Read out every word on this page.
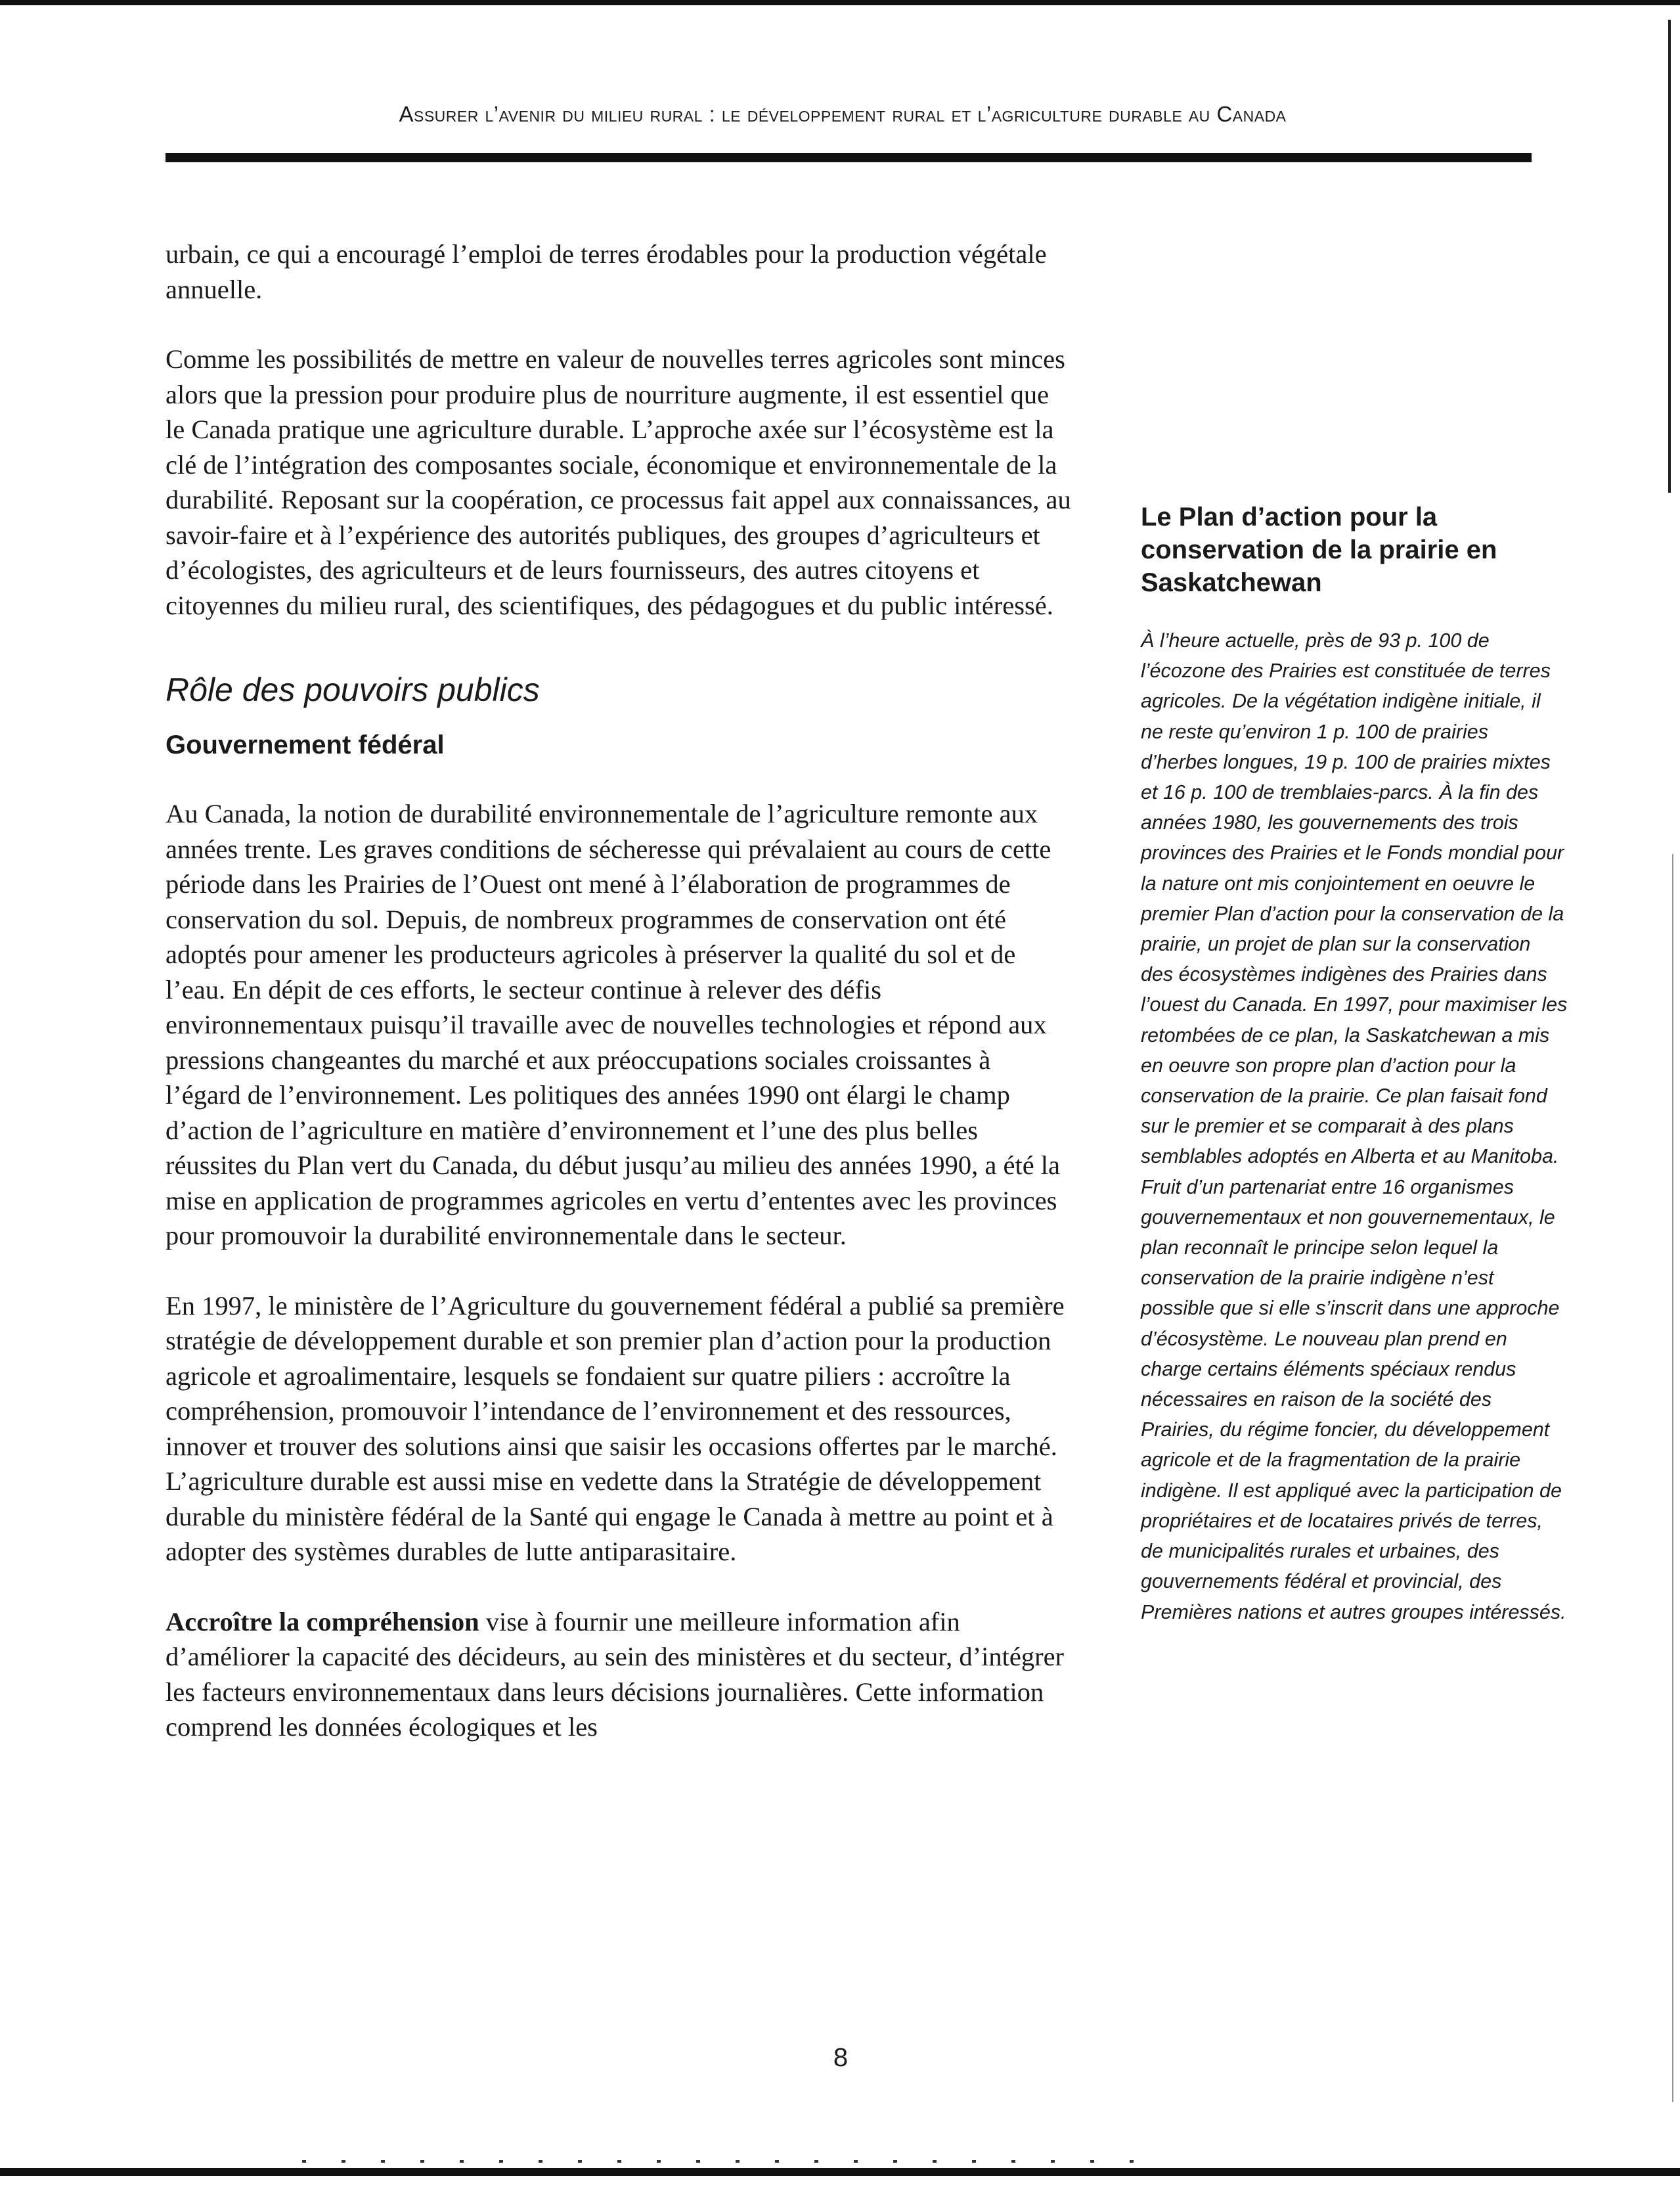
Assurer l’avenir du milieu rural : le développement rural et l’agriculture durable au Canada

urbain, ce qui a encouragé l’emploi de terres érodables pour la production végétale annuelle.

Comme les possibilités de mettre en valeur de nouvelles terres agricoles sont minces alors que la pression pour produire plus de nourriture augmente, il est essentiel que le Canada pratique une agriculture durable. L’approche axée sur l’écosystème est la clé de l’intégration des composantes sociale, économique et environnementale de la durabilité. Reposant sur la coopération, ce processus fait appel aux connaissances, au savoir-faire et à l’expérience des autorités publiques, des groupes d’agriculteurs et d’écologistes, des agriculteurs et de leurs fournisseurs, des autres citoyens et citoyennes du milieu rural, des scientifiques, des pédagogues et du public intéressé.

Rôle des pouvoirs publics
Gouvernement fédéral

Au Canada, la notion de durabilité environnementale de l’agriculture remonte aux années trente. Les graves conditions de sécheresse qui prévalaient au cours de cette période dans les Prairies de l’Ouest ont mené à l’élaboration de programmes de conservation du sol. Depuis, de nombreux programmes de conservation ont été adoptés pour amener les producteurs agricoles à préserver la qualité du sol et de l’eau. En dépit de ces efforts, le secteur continue à relever des défis environnementaux puisqu’il travaille avec de nouvelles technologies et répond aux pressions changeantes du marché et aux préoccupations sociales croissantes à l’égard de l’environnement. Les politiques des années 1990 ont élargi le champ d’action de l’agriculture en matière d’environnement et l’une des plus belles réussites du Plan vert du Canada, du début jusqu’au milieu des années 1990, a été la mise en application de programmes agricoles en vertu d’ententes avec les provinces pour promouvoir la durabilité environnementale dans le secteur.

En 1997, le ministère de l’Agriculture du gouvernement fédéral a publié sa première stratégie de développement durable et son premier plan d’action pour la production agricole et agroalimentaire, lesquels se fondaient sur quatre piliers : accroître la compréhension, promouvoir l’intendance de l’environnement et des ressources, innover et trouver des solutions ainsi que saisir les occasions offertes par le marché. L’agriculture durable est aussi mise en vedette dans la Stratégie de développement durable du ministère fédéral de la Santé qui engage le Canada à mettre au point et à adopter des systèmes durables de lutte antiparasitaire.

Accroître la compréhension vise à fournir une meilleure information afin d’améliorer la capacité des décideurs, au sein des ministères et du secteur, d’intégrer les facteurs environnementaux dans leurs décisions journalières. Cette information comprend les données écologiques et les

Le Plan d’action pour la conservation de la prairie en Saskatchewan

À l’heure actuelle, près de 93 p. 100 de l’écozone des Prairies est constituée de terres agricoles. De la végétation indigène initiale, il ne reste qu’environ 1 p. 100 de prairies d’herbes longues, 19 p. 100 de prairies mixtes et 16 p. 100 de tremblaies-parcs. À la fin des années 1980, les gouvernements des trois provinces des Prairies et le Fonds mondial pour la nature ont mis conjointement en oeuvre le premier Plan d’action pour la conservation de la prairie, un projet de plan sur la conservation des écosystèmes indigènes des Prairies dans l’ouest du Canada. En 1997, pour maximiser les retombées de ce plan, la Saskatchewan a mis en oeuvre son propre plan d’action pour la conservation de la prairie. Ce plan faisait fond sur le premier et se comparait à des plans semblables adoptés en Alberta et au Manitoba. Fruit d’un partenariat entre 16 organismes gouvernementaux et non gouvernementaux, le plan reconnaît le principe selon lequel la conservation de la prairie indigène n’est possible que si elle s’inscrit dans une approche d’écosystème. Le nouveau plan prend en charge certains éléments spéciaux rendus nécessaires en raison de la société des Prairies, du régime foncier, du développement agricole et de la fragmentation de la prairie indigène. Il est appliqué avec la participation de propriétaires et de locataires privés de terres, de municipalités rurales et urbaines, des gouvernements fédéral et provincial, des Premières nations et autres groupes intéressés.

8
